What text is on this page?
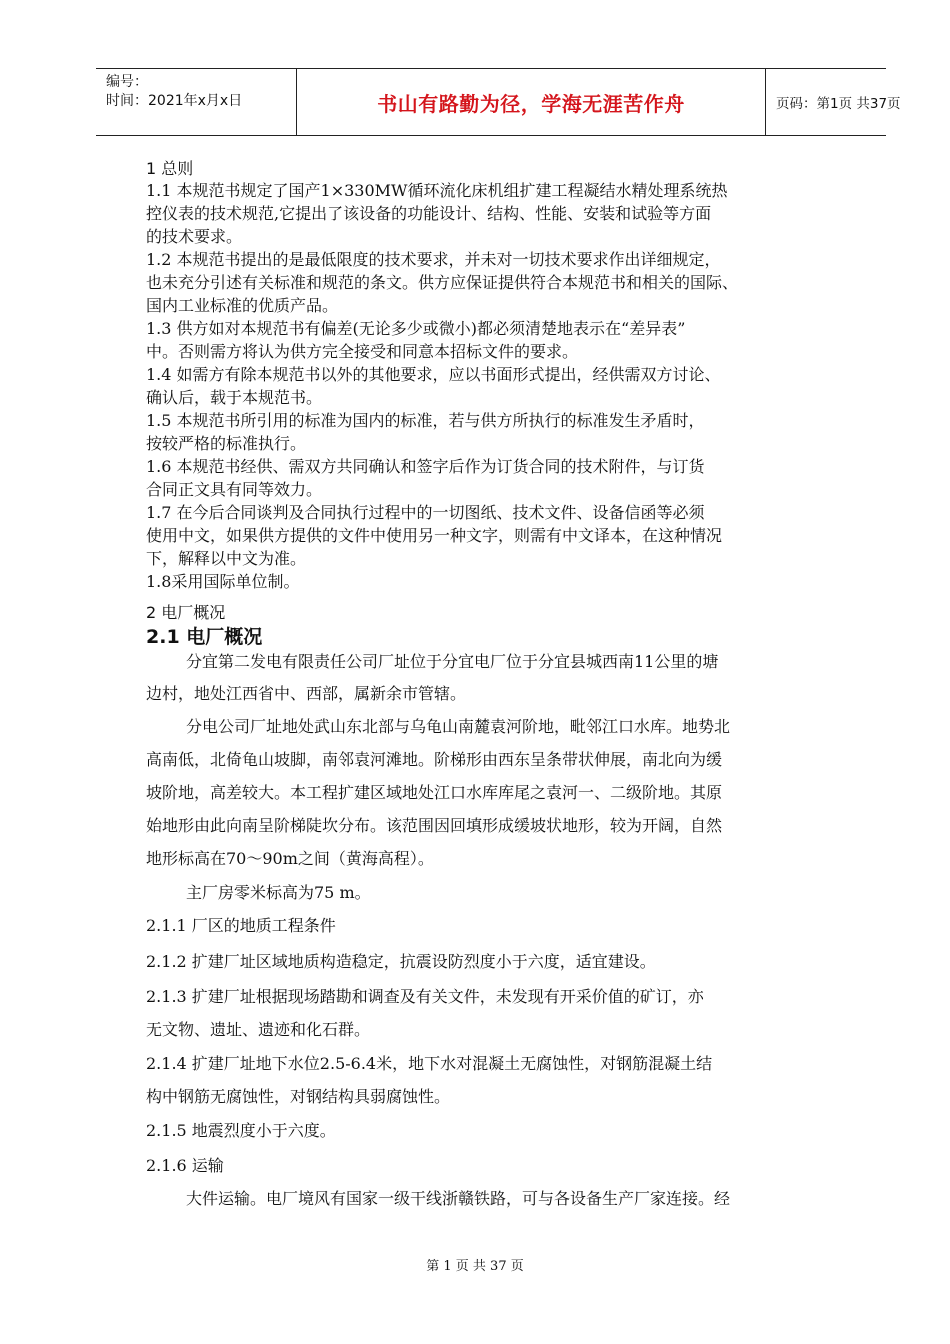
编号：
时间：2021年x月x日	书山有路勤为径，学海无涯苦作舟	页码：第1页 共37页
1 总则
1.1 本规范书规定了国产1×330MW循环流化床机组扩建工程凝结水精处理系统热
控仪表的技术规范,它提出了该设备的功能设计、结构、性能、安装和试验等方面
的技术要求。
1.2 本规范书提出的是最低限度的技术要求，并未对一切技术要求作出详细规定，
也未充分引述有关标准和规范的条文。供方应保证提供符合本规范书和相关的国际、
国内工业标准的优质产品。
1.3 供方如对本规范书有偏差(无论多少或微小)都必须清楚地表示在“差异表”
中。否则需方将认为供方完全接受和同意本招标文件的要求。
1.4 如需方有除本规范书以外的其他要求，应以书面形式提出，经供需双方讨论、
确认后，载于本规范书。
1.5 本规范书所引用的标准为国内的标准，若与供方所执行的标准发生矛盾时，
按较严格的标准执行。
1.6 本规范书经供、需双方共同确认和签字后作为订货合同的技术附件，与订货
合同正文具有同等效力。
1.7 在今后合同谈判及合同执行过程中的一切图纸、技术文件、设备信函等必须
使用中文，如果供方提供的文件中使用另一种文字，则需有中文译本，在这种情况
下，解释以中文为准。
1.8采用国际单位制。
2 电厂概况
2.1 电厂概况
分宜第二发电有限责任公司厂址位于分宜电厂位于分宜县城西南11公里的塘
边村，地处江西省中、西部，属新余市管辖。
分电公司厂址地处武山东北部与乌龟山南麓袁河阶地，毗邻江口水库。地势北
高南低，北倚龟山坡脚，南邻袁河滩地。阶梯形由西东呈条带状伸展，南北向为缓
坡阶地，高差较大。本工程扩建区域地处江口水库库尾之袁河一、二级阶地。其原
始地形由此向南呈阶梯陡坎分布。该范围因回填形成缓坡状地形，较为开阔，自然
地形标高在70～90m之间（黄海高程）。
主厂房零米标高为75 m。
2.1.1 厂区的地质工程条件
2.1.2 扩建厂址区域地质构造稳定，抗震设防烈度小于六度，适宜建设。
2.1.3 扩建厂址根据现场踏勘和调查及有关文件，未发现有开采价值的矿订，亦
无文物、遗址、遗迹和化石群。
2.1.4 扩建厂址地下水位2.5-6.4米，地下水对混凝土无腐蚀性，对钢筋混凝土结
构中钢筋无腐蚀性，对钢结构具弱腐蚀性。
2.1.5 地震烈度小于六度。
2.1.6 运输
大件运输。电厂境风有国家一级干线浙赣铁路，可与各设备生产厂家连接。经
第 1 页 共 37 页
